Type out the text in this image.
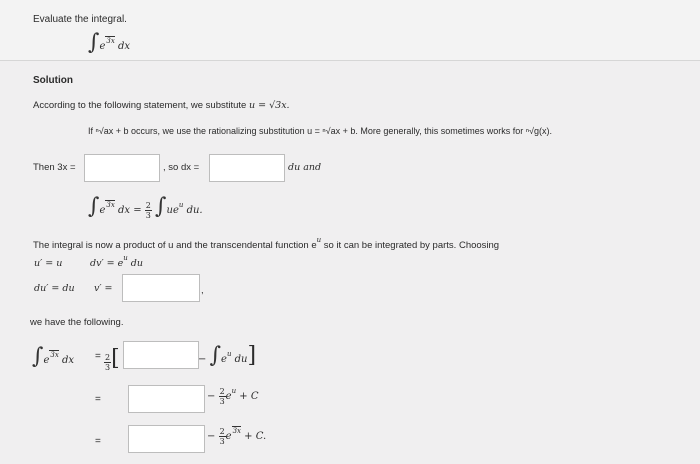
Evaluate the integral.
$\int e^{3x}$ dx
Solution
According to the following statement, we substitute u = √3x.
If ⁿ√ax + b occurs, we use the rationalizing substitution u = ⁿ√ax + b. More generally, this sometimes works for ⁿ√g(x).
Then 3x =	, so dx =	du and
$\int e^{3x}$ dx = $\frac{2}{3} \int ue^u$ du.
The integral is now a product of u and the transcendental function $e^u$ so it can be integrated by parts. Choosing
u′ = u	$dv' = e^u$ du
du′ = du v′ =	,
we have the following.
$\int e^{3x}$ dx = $\frac{2}{3}$ [	− $\int e^u$ du]
=	− $\frac{2}{3} e^u + C$
=	− $\frac{2}{3} e^{3x} + C$.
